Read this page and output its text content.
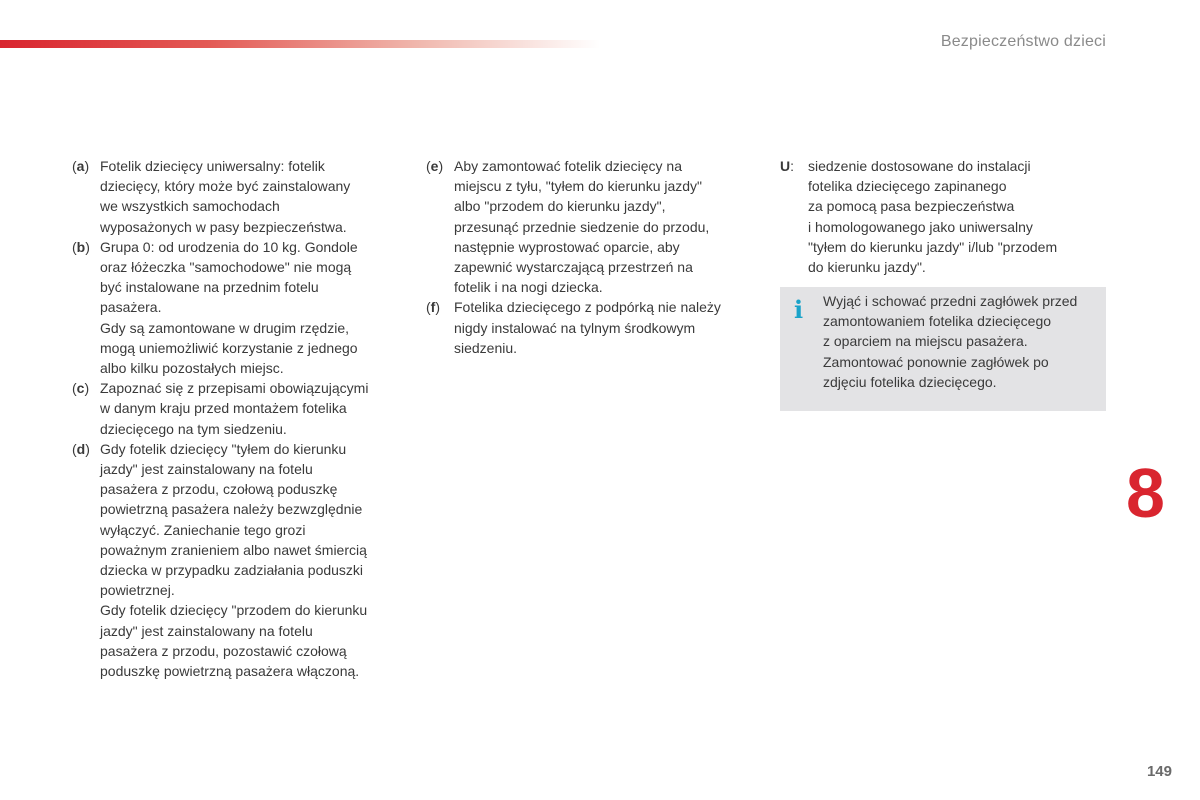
Bezpieczeństwo dzieci
(a) Fotelik dziecięcy uniwersalny: fotelik
dziecięcy, który może być zainstalowany
we wszystkich samochodach
wyposażonych w pasy bezpieczeństwa.
(b) Grupa 0: od urodzenia do 10 kg. Gondole
oraz łóżeczka "samochodowe" nie mogą
być instalowane na przednim fotelu
pasażera.
Gdy są zamontowane w drugim rzędzie,
mogą uniemożliwić korzystanie z jednego
albo kilku pozostałych miejsc.
(c) Zapoznać się z przepisami obowiązującymi
w danym kraju przed montażem fotelika
dziecięcego na tym siedzeniu.
(d) Gdy fotelik dziecięcy "tyłem do kierunku
jazdy" jest zainstalowany na fotelu
pasażera z przodu, czołową poduszkę
powietrzną pasażera należy bezwzględnie
wyłączyć. Zaniechanie tego grozi
poważnym zranieniem albo nawet śmiercią
dziecka w przypadku zadziałania poduszki
powietrznej.
Gdy fotelik dziecięcy "przodem do kierunku
jazdy" jest zainstalowany na fotelu
pasażera z przodu, pozostawić czołową
poduszkę powietrzną pasażera włączoną.
(e) Aby zamontować fotelik dziecięcy na
miejscu z tyłu, "tyłem do kierunku jazdy"
albo "przodem do kierunku jazdy",
przesunąć przednie siedzenie do przodu,
następnie wyprostować oparcie, aby
zapewnić wystarczającą przestrzeń na
fotelik i na nogi dziecka.
(f) Fotelika dziecięcego z podpórką nie należy
nigdy instalować na tylnym środkowym
siedzeniu.
U: siedzenie dostosowane do instalacji
fotelika dziecięcego zapinanego
za pomocą pasa bezpieczeństwa
i homologowanego jako uniwersalny
"tyłem do kierunku jazdy" i/lub "przodem
do kierunku jazdy".
i Wyjąć i schować przedni zagłówek przed
zamontowaniem fotelika dziecięcego
z oparciem na miejscu pasażera.
Zamontować ponownie zagłówek po
zdjęciu fotelika dziecięcego.
8
149
